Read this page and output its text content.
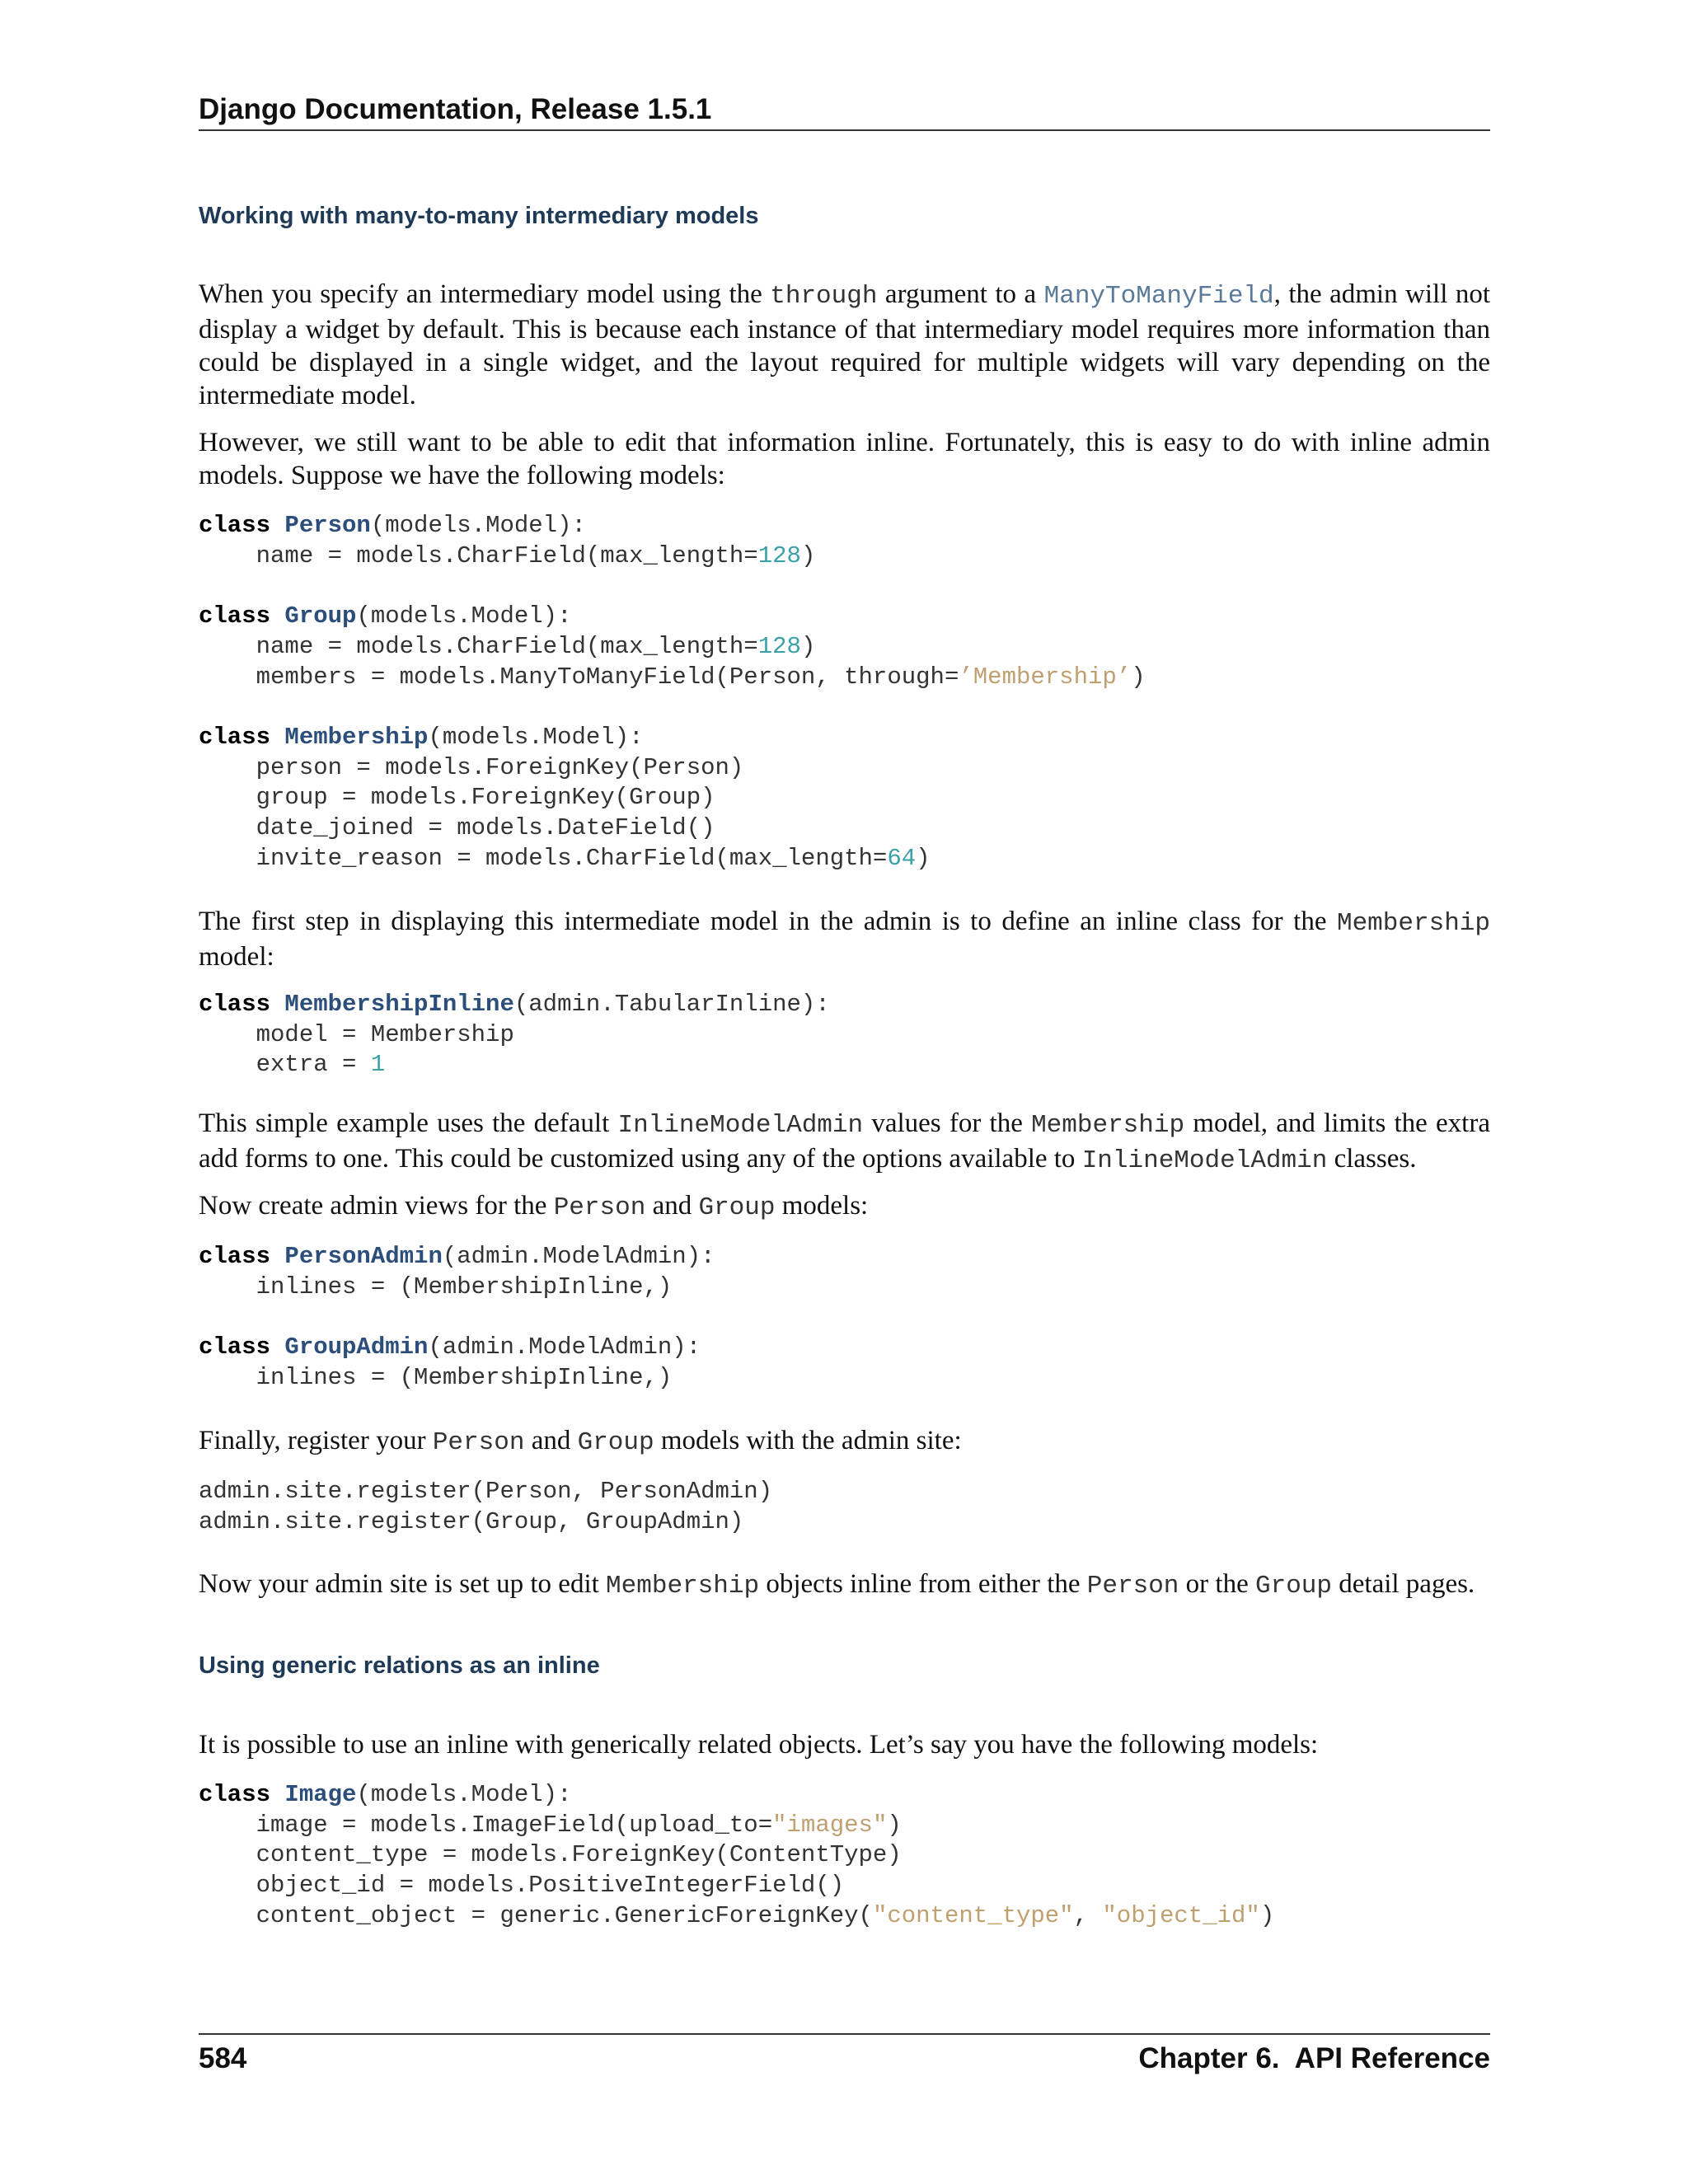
Django Documentation, Release 1.5.1
Working with many-to-many intermediary models

When you specify an intermediary model using the through argument to a ManyToManyField, the admin will not display a widget by default. This is because each instance of that intermediary model requires more information than could be displayed in a single widget, and the layout required for multiple widgets will vary depending on the intermediate model.

However, we still want to be able to edit that information inline. Fortunately, this is easy to do with inline admin models. Suppose we have the following models:

class Person(models.Model):
name = models.CharField(max_length=128)

class Group(models.Model):
name = models.CharField(max_length=128)
members = models.ManyToManyField(Person, through=’Membership’)

class Membership(models.Model):
person = models.ForeignKey(Person)
group = models.ForeignKey(Group)
date_joined = models.DateField()
invite_reason = models.CharField(max_length=64)

The first step in displaying this intermediate model in the admin is to define an inline class for the Membership model:

class MembershipInline(admin.TabularInline):
model = Membership
extra = 1

This simple example uses the default InlineModelAdmin values for the Membership model, and limits the extra add forms to one. This could be customized using any of the options available to InlineModelAdmin classes.

Now create admin views for the Person and Group models:

class PersonAdmin(admin.ModelAdmin):
inlines = (MembershipInline,)

class GroupAdmin(admin.ModelAdmin):
inlines = (MembershipInline,)

Finally, register your Person and Group models with the admin site:

admin.site.register(Person, PersonAdmin)
admin.site.register(Group, GroupAdmin)

Now your admin site is set up to edit Membership objects inline from either the Person or the Group detail pages.

Using generic relations as an inline

It is possible to use an inline with generically related objects. Let’s say you have the following models:

class Image(models.Model):
image = models.ImageField(upload_to="images")
content_type = models.ForeignKey(ContentType)
object_id = models.PositiveIntegerField()
content_object = generic.GenericForeignKey("content_type", "object_id")
584	Chapter 6.  API Reference
